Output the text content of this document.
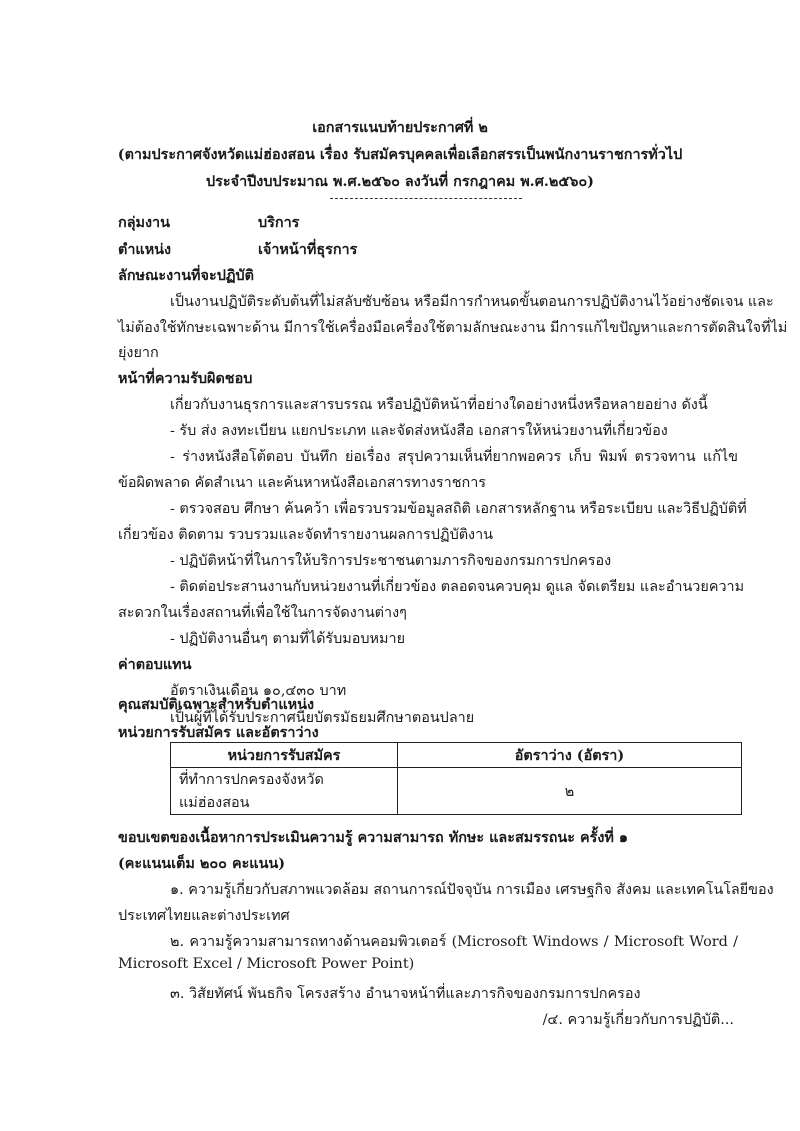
เอกสารแนบท้ายประกาศที่ ๒
(ตามประกาศจังหวัดแม่ฮ่องสอน เรื่อง รับสมัครบุคคลเพื่อเลือกสรรเป็นพนักงานราชการทั่วไป
ประจำปีงบประมาณ พ.ศ.๒๕๖๐ ลงวันที่ กรกฎาคม พ.ศ.๒๕๖๐)
กลุ่มงาน	บริการ
ตำแหน่ง	เจ้าหน้าที่ธุรการ
ลักษณะงานที่จะปฏิบัติ
เป็นงานปฏิบัติระดับต้นที่ไม่สลับซับซ้อน หรือมีการกำหนดขั้นตอนการปฏิบัติงานไว้อย่างชัดเจน และ
ไม่ต้องใช้ทักษะเฉพาะด้าน มีการใช้เครื่องมือเครื่องใช้ตามลักษณะงาน มีการแก้ไขปัญหาและการตัดสินใจที่ไม่
ยุ่งยาก
หน้าที่ความรับผิดชอบ
เกี่ยวกับงานธุรการและสารบรรณ หรือปฏิบัติหน้าที่อย่างใดอย่างหนึ่งหรือหลายอย่าง ดังนี้
- รับ ส่ง ลงทะเบียน แยกประเภท และจัดส่งหนังสือ เอกสารให้หน่วยงานที่เกี่ยวข้อง
- ร่างหนังสือโต้ตอบ บันทึก ย่อเรื่อง สรุปความเห็นที่ยากพอควร เก็บ พิมพ์ ตรวจทาน แก้ไข
ข้อผิดพลาด คัดสำเนา และค้นหาหนังสือเอกสารทางราชการ
- ตรวจสอบ ศึกษา ค้นคว้า เพื่อรวบรวมข้อมูลสถิติ เอกสารหลักฐาน หรือระเบียบ และวิธีปฏิบัติที่
เกี่ยวข้อง ติดตาม รวบรวมและจัดทำรายงานผลการปฏิบัติงาน
- ปฏิบัติหน้าที่ในการให้บริการประชาชนตามภารกิจของกรมการปกครอง
- ติดต่อประสานงานกับหน่วยงานที่เกี่ยวข้อง ตลอดจนควบคุม ดูแล จัดเตรียม และอำนวยความ
สะดวกในเรื่องสถานที่เพื่อใช้ในการจัดงานต่างๆ
- ปฏิบัติงานอื่นๆ ตามที่ได้รับมอบหมาย
ค่าตอบแทน
อัตราเงินเดือน ๑๐,๔๓๐ บาท
คุณสมบัติเฉพาะสำหรับตำแหน่ง
เป็นผู้ที่ได้รับประกาศนียบัตรมัธยมศึกษาตอนปลาย
หน่วยการรับสมัคร และอัตราว่าง
หน่วยการรับสมัคร	อัตราว่าง (อัตรา)
ที่ทำการปกครองจังหวัดแม่ฮ่องสอน	๒
ขอบเขตของเนื้อหาการประเมินความรู้ ความสามารถ ทักษะ และสมรรถนะ ครั้งที่ ๑
(คะแนนเต็ม ๒๐๐ คะแนน)
๑. ความรู้เกี่ยวกับสภาพแวดล้อม สถานการณ์ปัจจุบัน การเมือง เศรษฐกิจ สังคม และเทคโนโลยีของ
ประเทศไทยและต่างประเทศ
๒. ความรู้ความสามารถทางด้านคอมพิวเตอร์ (Microsoft Windows / Microsoft Word /
Microsoft Excel / Microsoft Power Point)
๓. วิสัยทัศน์ พันธกิจ โครงสร้าง อำนาจหน้าที่และภารกิจของกรมการปกครอง
/๔. ความรู้เกี่ยวกับการปฏิบัติ...
